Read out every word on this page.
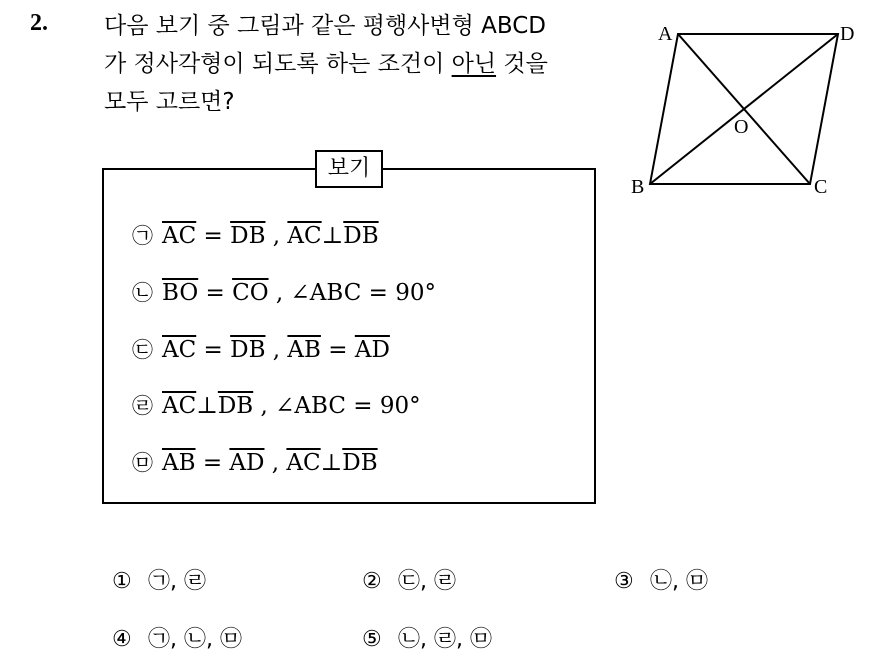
2. 다음 보기 중 그림과 같은 평행사변형 ABCD
가 정사각형이 되도록 하는 조건이 아닌 것을
모두 고르면?
A	D
B	C
O
보기
㉠ $\overline{AC} = \overline{DB}$ , $\overline{AC}\perp\overline{DB}$
㉡ $\overline{BO} = \overline{CO}$ , ∠ABC = 90°
㉢ $\overline{AC} = \overline{DB}$ , $\overline{AB} = \overline{AD}$
㉣ $\overline{AC}\perp\overline{DB}$ , ∠ABC = 90°
㉤ $\overline{AB} = \overline{AD}$ , $\overline{AC}\perp\overline{DB}$
① ㉠, ㉣	② ㉢, ㉣	③ ㉡, ㉤
④ ㉠, ㉡, ㉤	⑤ ㉡, ㉣, ㉤
